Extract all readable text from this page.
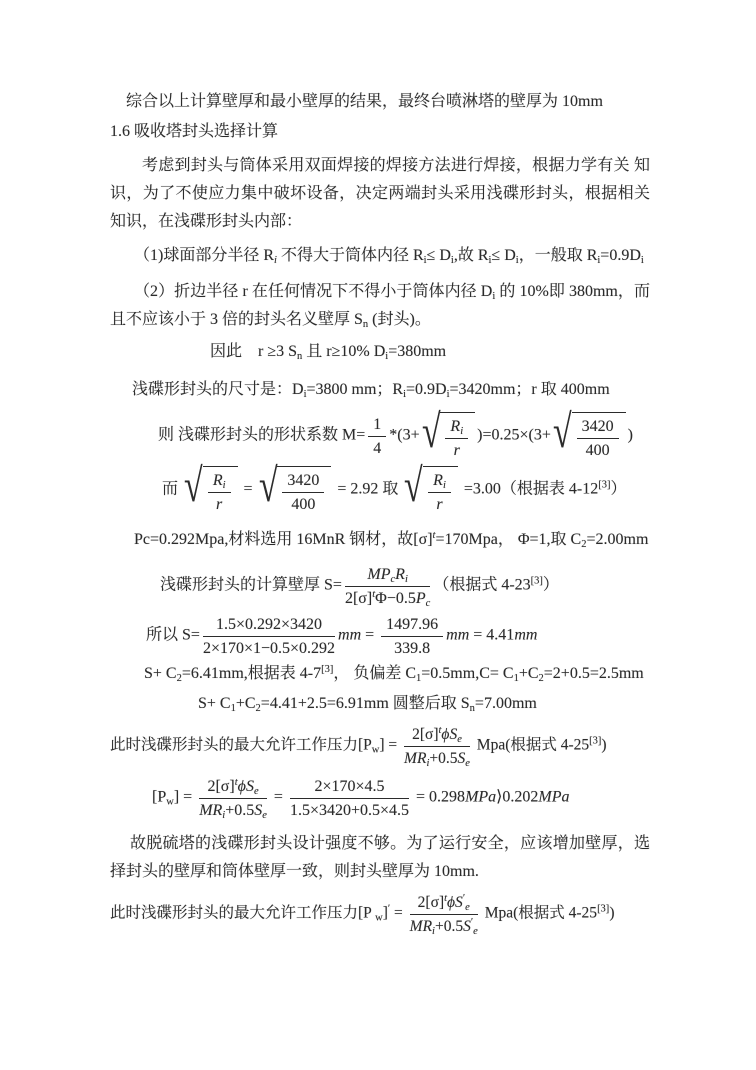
综合以上计算壁厚和最小壁厚的结果，最终台喷淋塔的壁厚为 10mm
1.6 吸收塔封头选择计算
考虑到封头与筒体采用双面焊接的焊接方法进行焊接，根据力学有关 知识，为了不使应力集中破坏设备，决定两端封头采用浅碟形封头，根据相关知识，在浅碟形封头内部：
（1)球面部分半径 $R_i$ 不得大于筒体内径 $R_i\le D_i$,故 $R_i\le D_i$，一般取 $R_i=0.9D_i$
（2）折边半径 r 在任何情况下不得小于筒体内径 $D_i$ 的 10%即 380mm，而且不应该小于 3 倍的封头名义壁厚 $S_n$ (封头)。
因此　r ≥3 $S_n$ 且 r≥10% $D_i=380mm$
浅碟形封头的尺寸是：$D_i=3800$ mm；$R_i=0.9D_i=3420mm$；r 取 400mm
则 浅碟形封头的形状系数 $M= \frac{1}{4} *(3+$ √ $\frac{R_i}{r} )=0.25\times(3+$ √ $\frac{3420}{400}$ )
而 √ $\frac{R_i}{r}$ = √ $\frac{3420}{400} = 2.92$ 取 √ $\frac{R_i}{r} =3.00$（根据表 4-12[3]）
Pc=0.292Mpa,材料选用 16MnR 钢材，故$[\sigma]^t=170Mpa$， Φ=1,取 $C_2=2.00mm$
浅碟形封头的计算壁厚 $S= \frac{MP_cR_i}{2[\sigma]^t\Phi-0.5P_c}$ （根据式 4-23[3]）
所以 $S= \frac{1.5\times 0.292\times 3420}{2\times 170\times 1-0.5\times 0.292}$ mm = $\frac{1497.96}{339.8}$ mm = 4.41mm
$S+ C_2=6.41mm$,根据表 4-7[3]， 负偏差 $C_1=0.5mm,C= C_1+C_2=2+0.5=2.5mm$
$S+ C_1+C_2=4.41+2.5=6.91mm$ 圆整后取 $S_n=7.00mm$
此时浅碟形封头的最大允许工作压力$[P_w] = \frac{2[\sigma]^t\phi S_e}{MR_i+0.5S_e} Mpa$(根据式 4-25[3])
$[P_w] = \frac{2[\sigma]^t\phi S_e}{MR_i+0.5S_e} = \frac{2\times 170\times 4.5}{1.5\times 3420+0.5\times 4.5}$ = 0.298MPa⟩0.202MPa
故脱硫塔的浅碟形封头设计强度不够。为了运行安全，应该增加壁厚，选择封头的壁厚和筒体壁厚一致，则封头壁厚为 10mm.
此时浅碟形封头的最大允许工作压力[P $_w]' = \frac{2[\sigma]^t\phi S'_e}{MR_i+0.5S'_e} Mpa$(根据式 4-25[3])
